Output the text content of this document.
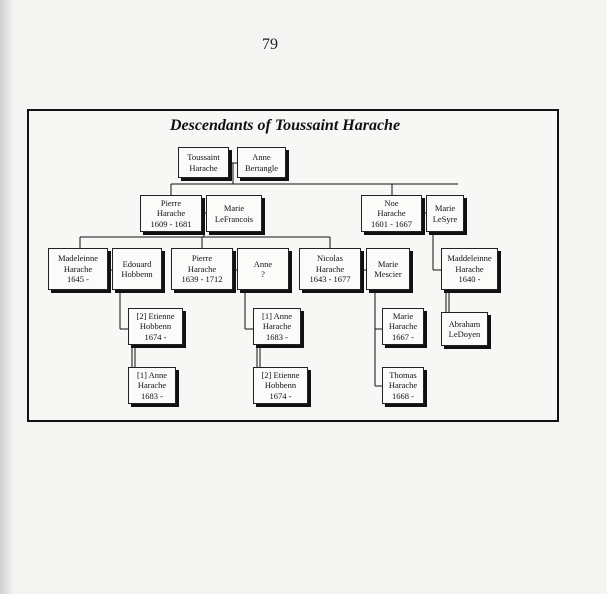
79
Descendants of Toussaint Harache
Toussaint
Harache
Anne
Bertangle
Pierre
Harache
1609 - 1681
Marie
LeFrancois
Noe
Harache
1601 - 1667
Marie
LeSyre
Madeleinne
Harache
1645 -
Edouard
Hobbenn
Pierre
Harache
1639 - 1712
Anne
?
Nicolas
Harache
1643 - 1677
Marie
Mescier
Maddeleinne
Harache
1640 -
[2] Etienne
Hobbenn
1674 -
[1] Anne
Harache
1683 -
Marie
Harache
1667 -
Abraham
LeDoyen
[1] Anne
Harache
1683 -
[2] Etienne
Hobbenn
1674 -
Thomas
Harache
1668 -
